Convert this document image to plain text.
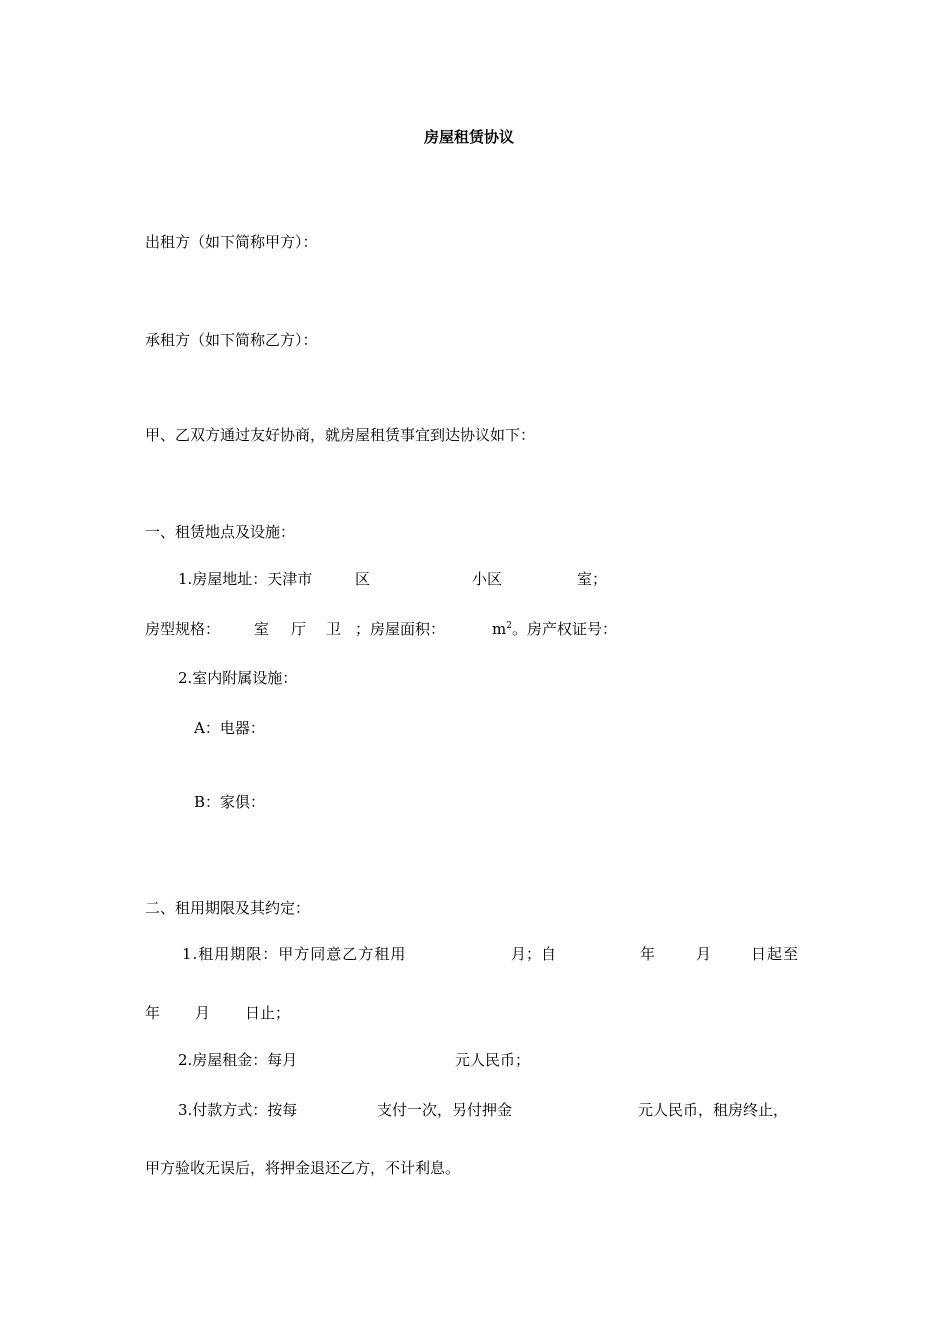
房屋租赁协议
出租方（如下简称甲方）：
承租方（如下简称乙方）：
甲、乙双方通过友好协商，就房屋租赁事宜到达协议如下：
一、租赁地点及设施：
1.房屋地址：天津市	区	小区	室；
房型规格： 室 厅 卫 ；房屋面积：	$m^2$。房产权证号：
2.室内附属设施：
A：电器：
B：家俱：
二、租用期限及其约定：
1.租用期限：甲方同意乙方租用	月；自	年	月	日起至
年 月 日止；
2.房屋租金：每月	元人民币；
3.付款方式：按每	支付一次，另付押金	元人民币，租房终止，
甲方验收无误后，将押金退还乙方，不计利息。
